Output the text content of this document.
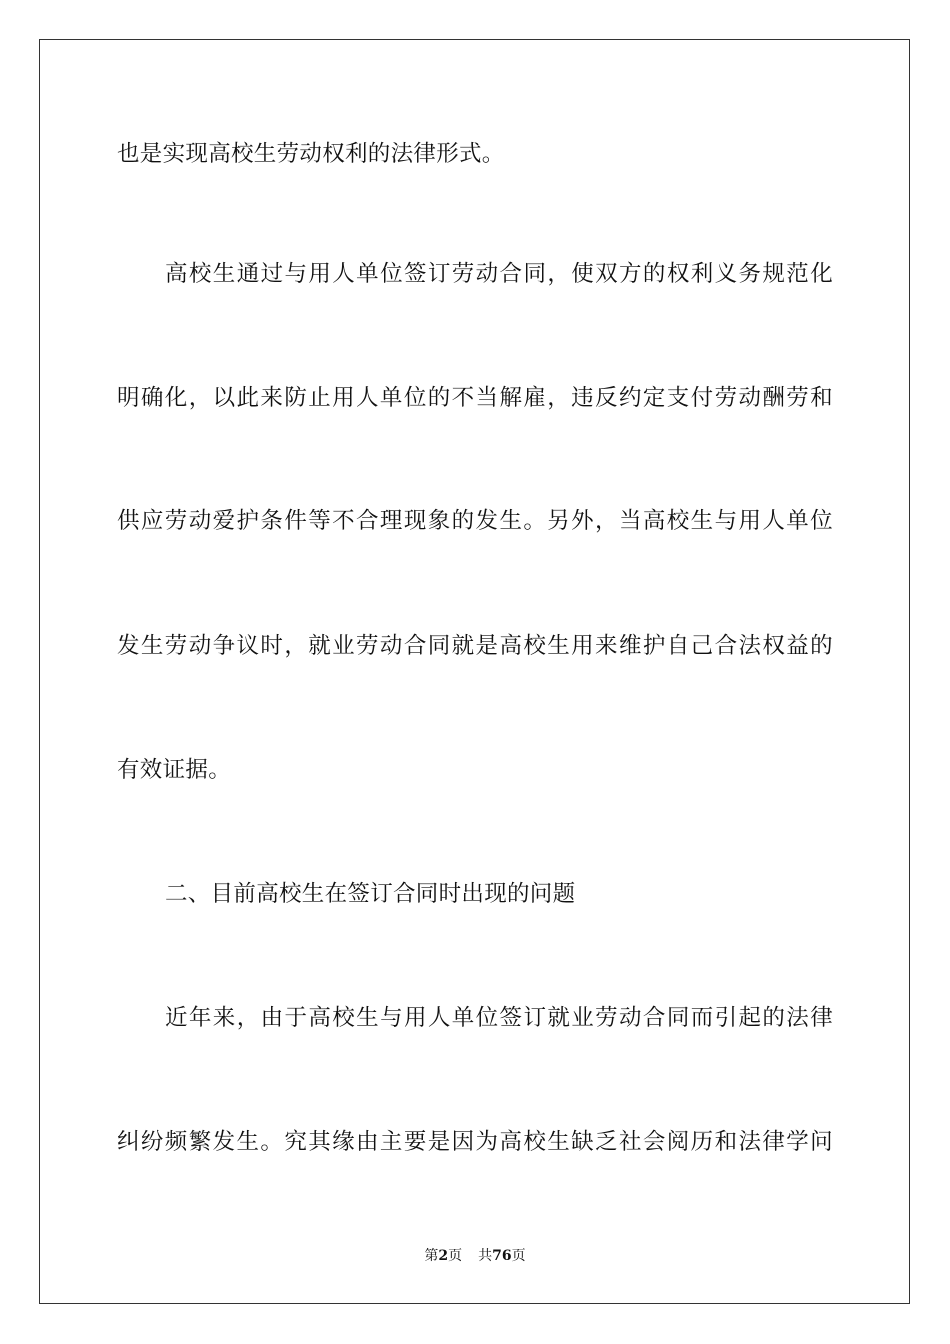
也是实现高校生劳动权利的法律形式。
高校生通过与用人单位签订劳动合同，使双方的权利义务规范化
明确化，以此来防止用人单位的不当解雇，违反约定支付劳动酬劳和
供应劳动爱护条件等不合理现象的发生。另外，当高校生与用人单位
发生劳动争议时，就业劳动合同就是高校生用来维护自己合法权益的
有效证据。
二、目前高校生在签订合同时出现的问题
近年来，由于高校生与用人单位签订就业劳动合同而引起的法律
纠纷频繁发生。究其缘由主要是因为高校生缺乏社会阅历和法律学问
第2页 共76页
